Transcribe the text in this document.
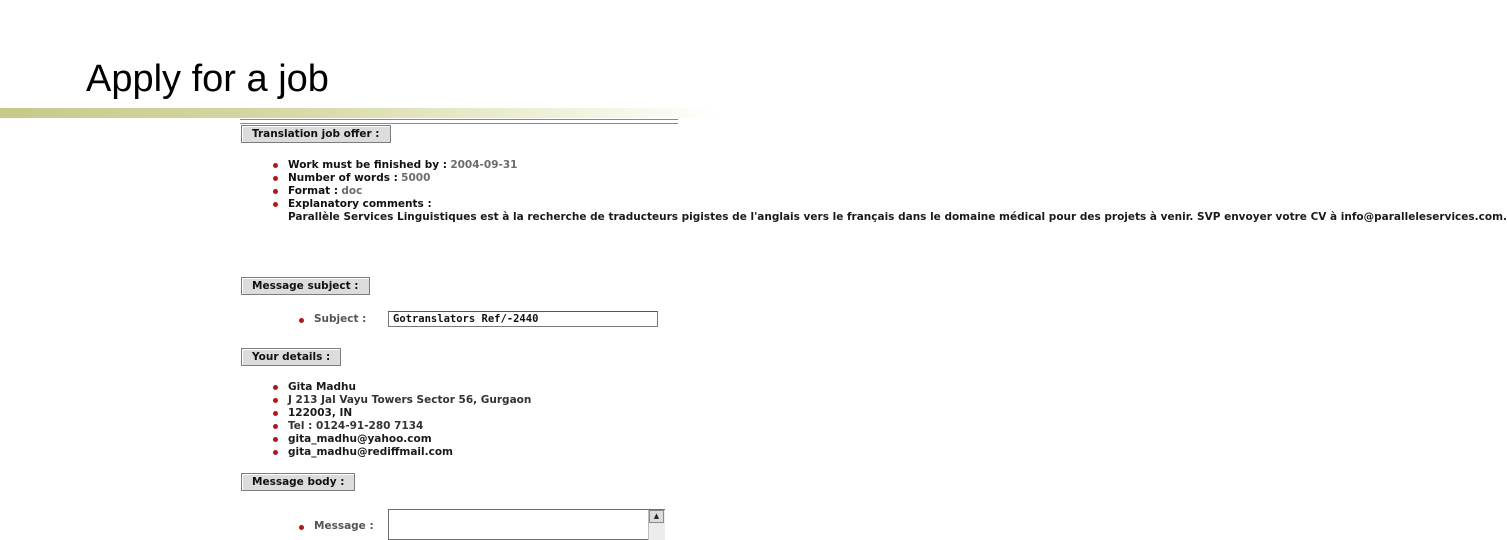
Apply for a job
Translation job offer :
Work must be finished by : 2004-09-31
Number of words : 5000
Format : doc
Explanatory comments :
Parallèle Services Linguistiques est à la recherche de traducteurs pigistes de l'anglais vers le français dans le domaine médical pour des projets à venir. SVP envoyer votre CV à info@paralleleservices.com.
Message subject :
Subject :	Gotranslators Ref/-2440
Your details :
Gita Madhu
J 213 Jal Vayu Towers Sector 56, Gurgaon
122003, IN
Tel : 0124-91-280 7134
gita_madhu@yahoo.com
gita_madhu@rediffmail.com
Message body :
Message :
▲
